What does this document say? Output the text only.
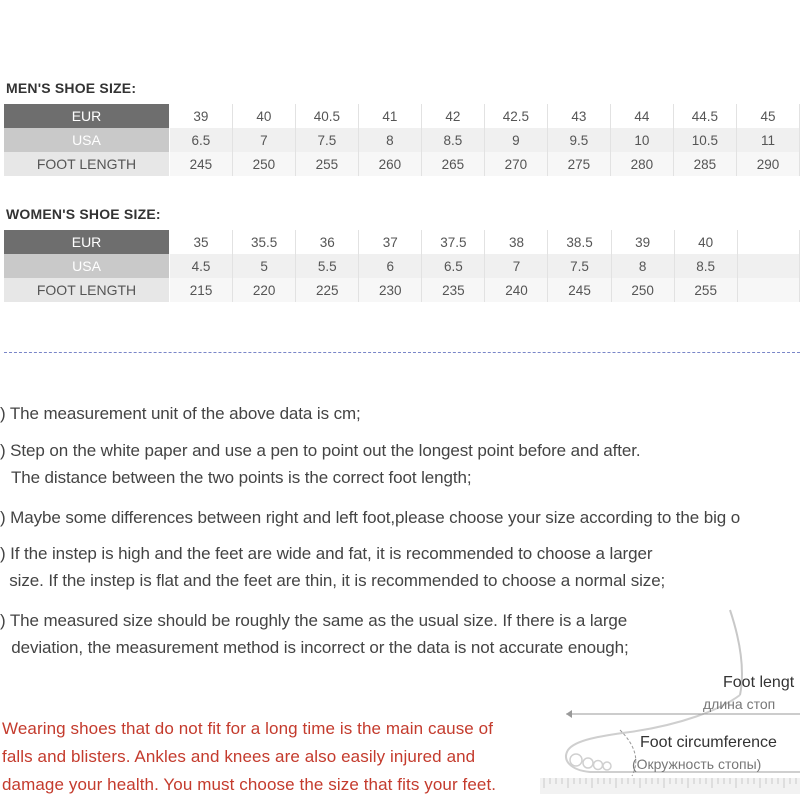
MEN'S SHOE SIZE:
EUR	39	40	40.5	41	42	42.5	43	44	44.5	45
USA	6.5	7	7.5	8	8.5	9	9.5	10	10.5	11
FOOT LENGTH	245	250	255	260	265	270	275	280	285	290
WOMEN'S SHOE SIZE:
EUR	35	35.5	36	37	37.5	38	38.5	39	40	
USA	4.5	5	5.5	6	6.5	7	7.5	8	8.5	
FOOT LENGTH	215	220	225	230	235	240	245	250	255	
) The measurement unit of the above data is cm;
) Step on the white paper and use a pen to point out the longest point before and after.
The distance between the two points is the correct foot length;
) Maybe some differences between right and left foot,please choose your size according to the big o
) If the instep is high and the feet are wide and fat, it is recommended to choose a larger
size. If the instep is flat and the feet are thin, it is recommended to choose a normal size;
) The measured size should be roughly the same as the usual size. If there is a large
deviation, the measurement method is incorrect or the data is not accurate enough;
Wearing shoes that do not fit for a long time is the main cause of
falls and blisters. Ankles and knees are also easily injured and
damage your health. You must choose the size that fits your feet.
Foot lengt
длина стоп
Foot circumference
(Окружность стопы)
